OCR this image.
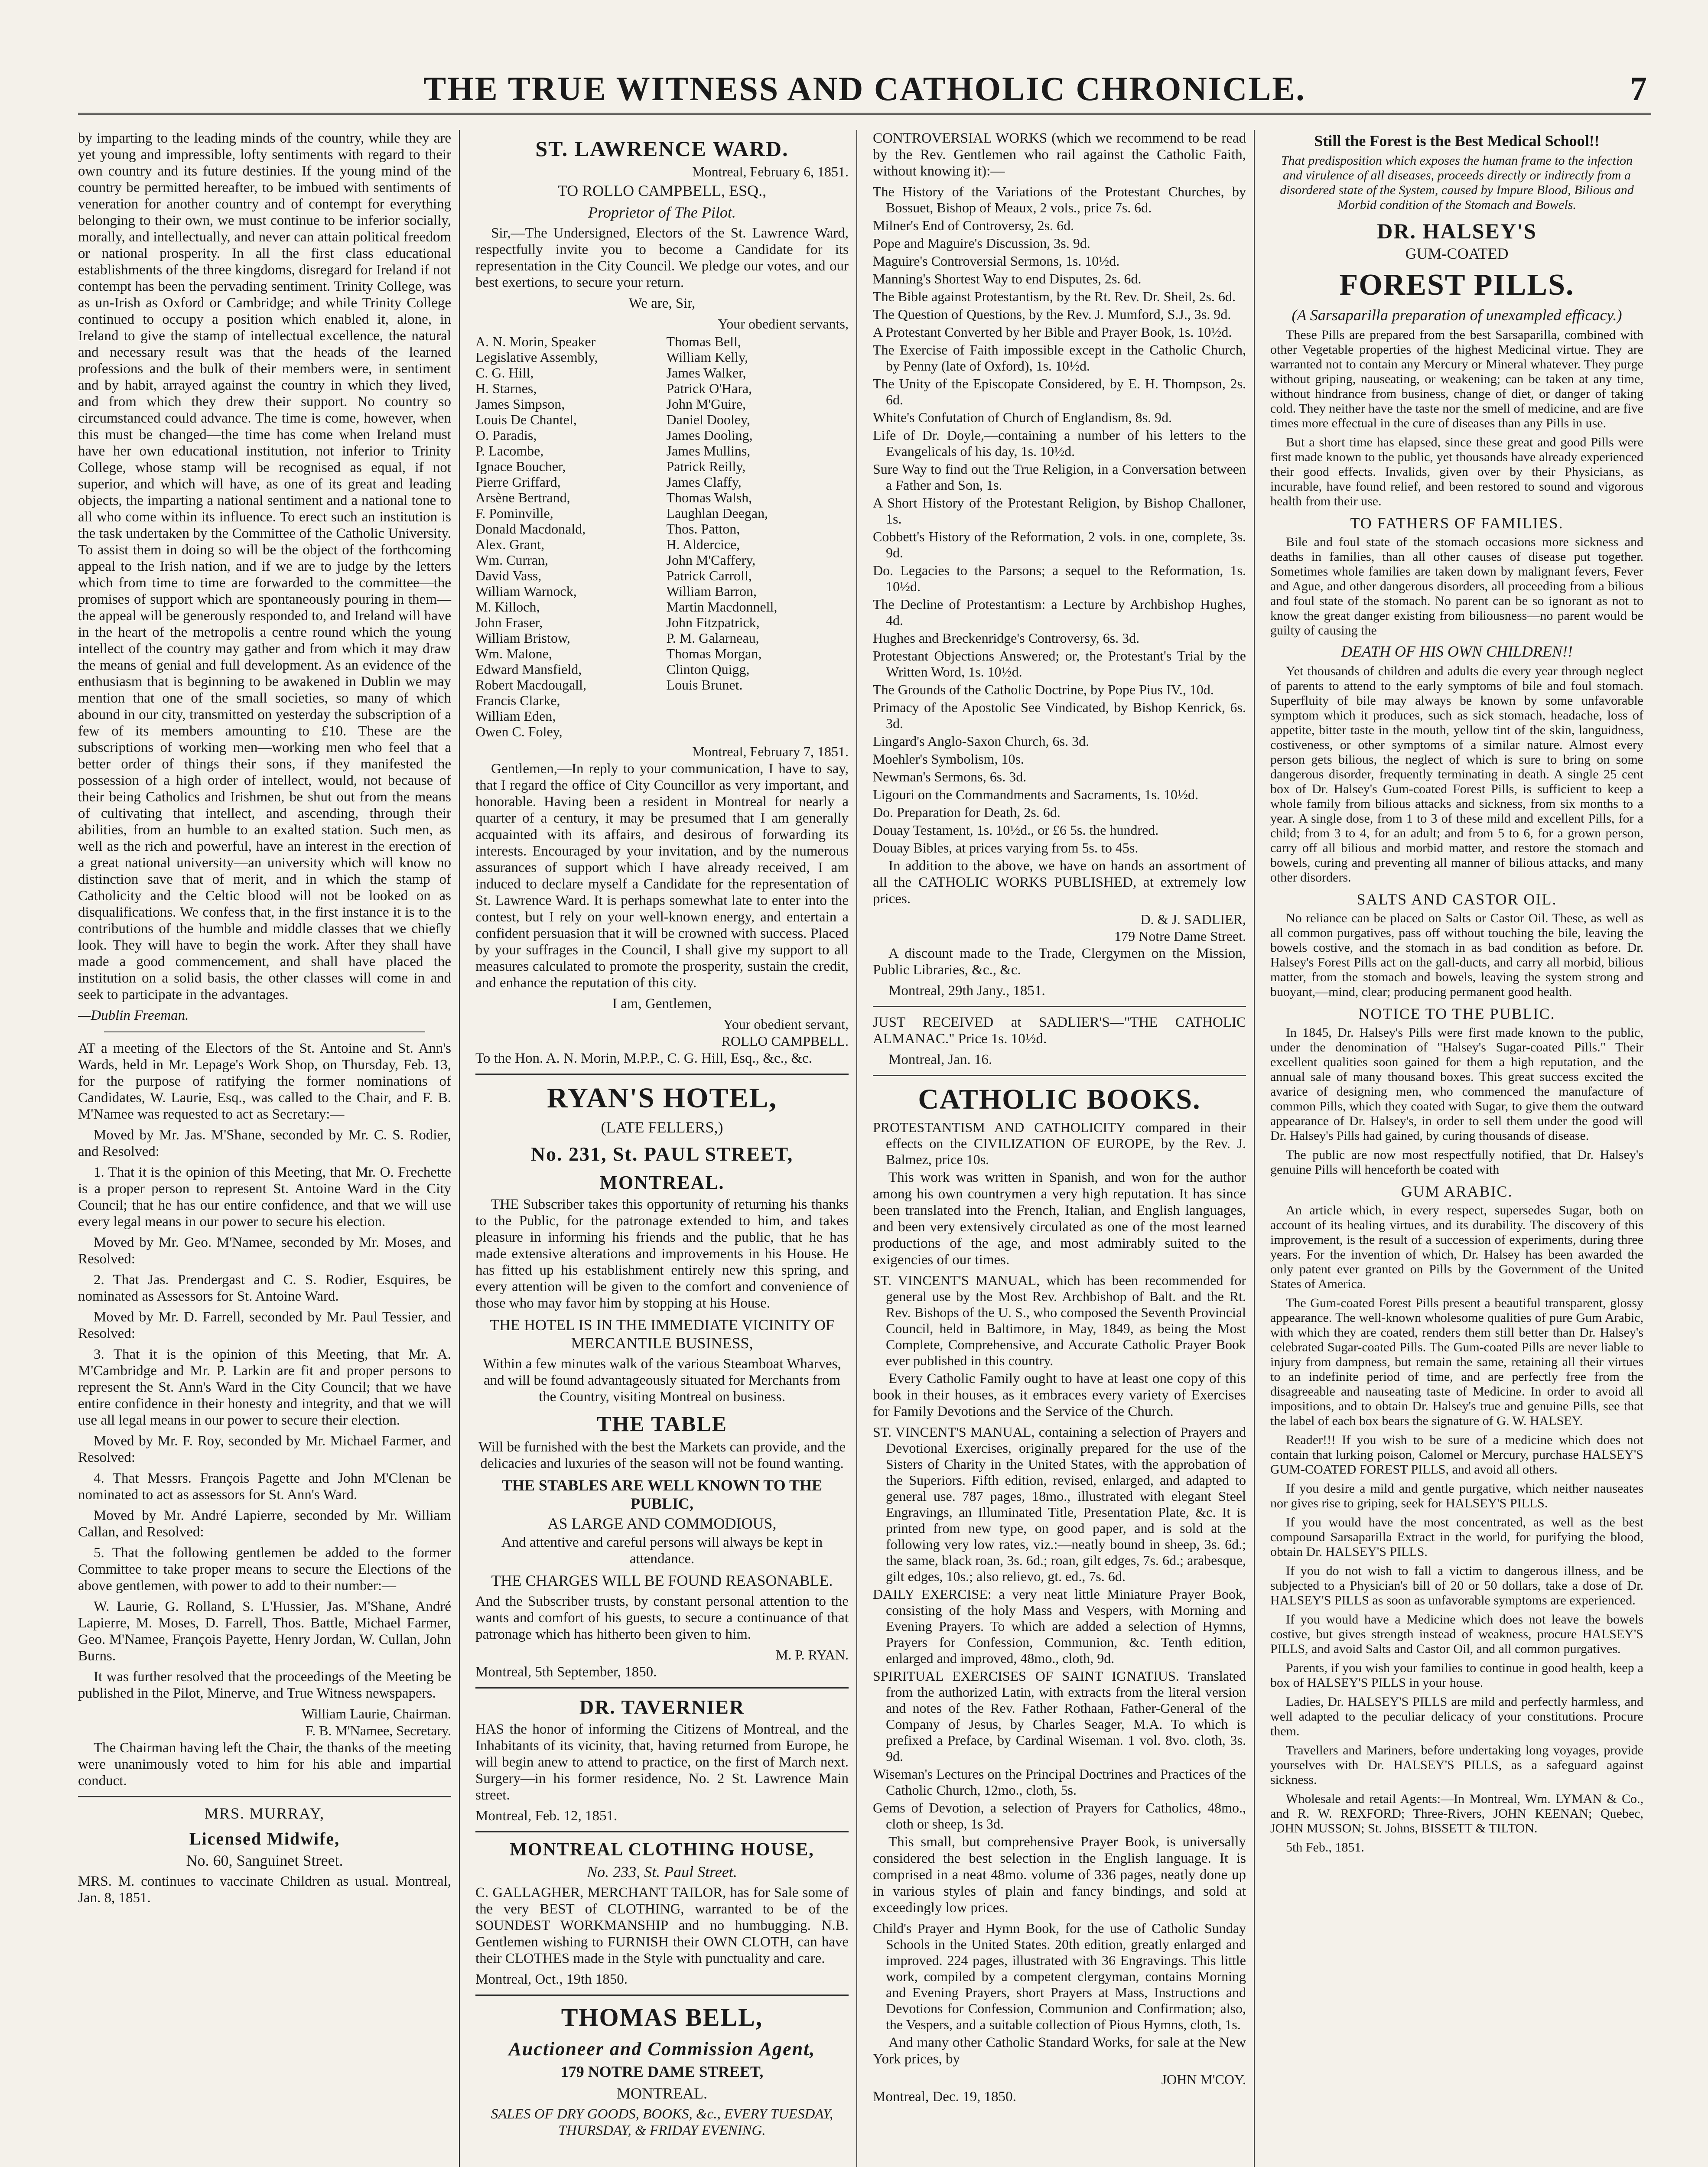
THE TRUE WITNESS AND CATHOLIC CHRONICLE.	7

by imparting to the leading minds of the country, while they are yet young and impressible, lofty sentiments with regard to their own country and its future destinies. If the young mind of the country be permitted hereafter, to be imbued with sentiments of veneration for another country and of contempt for everything belonging to their own, we must continue to be inferior socially, morally, and intellectually, and never can attain political freedom or national prosperity. In all the first class educational establishments of the three kingdoms, disregard for Ireland if not contempt has been the pervading sentiment. Trinity College, was as un-Irish as Oxford or Cambridge; and while Trinity College continued to occupy a position which enabled it, alone, in Ireland to give the stamp of intellectual excellence, the natural and necessary result was that the heads of the learned professions and the bulk of their members were, in sentiment and by habit, arrayed against the country in which they lived, and from which they drew their support. No country so circumstanced could advance. The time is come, however, when this must be changed—the time has come when Ireland must have her own educational institution, not inferior to Trinity College, whose stamp will be recognised as equal, if not superior, and which will have, as one of its great and leading objects, the imparting a national sentiment and a national tone to all who come within its influence. To erect such an institution is the task undertaken by the Committee of the Catholic University. To assist them in doing so will be the object of the forthcoming appeal to the Irish nation, and if we are to judge by the letters which from time to time are forwarded to the committee—the promises of support which are spontaneously pouring in them—the appeal will be generously responded to, and Ireland will have in the heart of the metropolis a centre round which the young intellect of the country may gather and from which it may draw the means of genial and full development. As an evidence of the enthusiasm that is beginning to be awakened in Dublin we may mention that one of the small societies, so many of which abound in our city, transmitted on yesterday the subscription of a few of its members amounting to £10. These are the subscriptions of working men—working men who feel that a better order of things their sons, if they manifested the possession of a high order of intellect, would, not because of their being Catholics and Irishmen, be shut out from the means of cultivating that intellect, and ascending, through their abilities, from an humble to an exalted station. Such men, as well as the rich and powerful, have an interest in the erection of a great national university—an university which will know no distinction save that of merit, and in which the stamp of Catholicity and the Celtic blood will not be looked on as disqualifications. We confess that, in the first instance it is to the contributions of the humble and middle classes that we chiefly look. They will have to begin the work. After they shall have made a good commencement, and shall have placed the institution on a solid basis, the other classes will come in and seek to participate in the advantages.

—Dublin Freeman.

AT a meeting of the Electors of the St. Antoine and St. Ann's Wards, held in Mr. Lepage's Work Shop, on Thursday, Feb. 13, for the purpose of ratifying the former nominations of Candidates, W. Laurie, Esq., was called to the Chair, and F. B. M'Namee was requested to act as Secretary:—

Moved by Mr. Jas. M'Shane, seconded by Mr. C. S. Rodier, and Resolved:

1. That it is the opinion of this Meeting, that Mr. O. Frechette is a proper person to represent St. Antoine Ward in the City Council; that he has our entire confidence, and that we will use every legal means in our power to secure his election.

Moved by Mr. Geo. M'Namee, seconded by Mr. Moses, and Resolved:

2. That Jas. Prendergast and C. S. Rodier, Esquires, be nominated as Assessors for St. Antoine Ward.

Moved by Mr. D. Farrell, seconded by Mr. Paul Tessier, and Resolved:

3. That it is the opinion of this Meeting, that Mr. A. M'Cambridge and Mr. P. Larkin are fit and proper persons to represent the St. Ann's Ward in the City Council; that we have entire confidence in their honesty and integrity, and that we will use all legal means in our power to secure their election.

Moved by Mr. F. Roy, seconded by Mr. Michael Farmer, and Resolved:

4. That Messrs. François Pagette and John M'Clenan be nominated to act as assessors for St. Ann's Ward.

Moved by Mr. André Lapierre, seconded by Mr. William Callan, and Resolved:

5. That the following gentlemen be added to the former Committee to take proper means to secure the Elections of the above gentlemen, with power to add to their number:—

W. Laurie, G. Rolland, S. L'Hussier, Jas. M'Shane, André Lapierre, M. Moses, D. Farrell, Thos. Battle, Michael Farmer, Geo. M'Namee, François Payette, Henry Jordan, W. Cullan, John Burns.

It was further resolved that the proceedings of the Meeting be published in the Pilot, Minerve, and True Witness newspapers.

William Laurie, Chairman.
F. B. M'Namee, Secretary.

The Chairman having left the Chair, the thanks of the meeting were unanimously voted to him for his able and impartial conduct.

MRS. MURRAY,
Licensed Midwife,
No. 60, Sanguinet Street.

MRS. M. continues to vaccinate Children as usual. Montreal, Jan. 8, 1851.

ST. LAWRENCE WARD.
Montreal, February 6, 1851.
TO ROLLO CAMPBELL, ESQ.,
Proprietor of The Pilot.

Sir,—The Undersigned, Electors of the St. Lawrence Ward, respectfully invite you to become a Candidate for its representation in the City Council. We pledge our votes, and our best exertions, to secure your return.

We are, Sir,
Your obedient servants,
A. N. Morin, Speaker Legislative Assembly,
C. G. Hill,
H. Starnes,
James Simpson,
Louis De Chantel,
O. Paradis,
P. Lacombe,
Ignace Boucher,
Pierre Griffard,
Arsène Bertrand,
F. Pominville,
Donald Macdonald,
Alex. Grant,
Wm. Curran,
David Vass,
William Warnock,
M. Killoch,
John Fraser,
William Bristow,
Wm. Malone,
Edward Mansfield,
Robert Macdougall,
Francis Clarke,
William Eden,
Owen C. Foley,
Thomas Bell,
William Kelly,
James Walker,
Patrick O'Hara,
John M'Guire,
Daniel Dooley,
James Dooling,
James Mullins,
Patrick Reilly,
James Claffy,
Thomas Walsh,
Laughlan Deegan,
Thos. Patton,
H. Aldercice,
John M'Caffery,
Patrick Carroll,
William Barron,
Martin Macdonnell,
John Fitzpatrick,
P. M. Galarneau,
Thomas Morgan,
Clinton Quigg,
Louis Brunet.
Montreal, February 7, 1851.

Gentlemen,—In reply to your communication, I have to say, that I regard the office of City Councillor as very important, and honorable. Having been a resident in Montreal for nearly a quarter of a century, it may be presumed that I am generally acquainted with its affairs, and desirous of forwarding its interests. Encouraged by your invitation, and by the numerous assurances of support which I have already received, I am induced to declare myself a Candidate for the representation of St. Lawrence Ward. It is perhaps somewhat late to enter into the contest, but I rely on your well-known energy, and entertain a confident persuasion that it will be crowned with success. Placed by your suffrages in the Council, I shall give my support to all measures calculated to promote the prosperity, sustain the credit, and enhance the reputation of this city.

I am, Gentlemen,
Your obedient servant,
ROLLO CAMPBELL.

To the Hon. A. N. Morin, M.P.P., C. G. Hill, Esq., &c., &c.

RYAN'S HOTEL,
(LATE FELLERS,)
No. 231, St. PAUL STREET,
MONTREAL.

THE Subscriber takes this opportunity of returning his thanks to the Public, for the patronage extended to him, and takes pleasure in informing his friends and the public, that he has made extensive alterations and improvements in his House. He has fitted up his establishment entirely new this spring, and every attention will be given to the comfort and convenience of those who may favor him by stopping at his House.

THE HOTEL IS IN THE IMMEDIATE VICINITY OF MERCANTILE BUSINESS,

Within a few minutes walk of the various Steamboat Wharves, and will be found advantageously situated for Merchants from the Country, visiting Montreal on business.

THE TABLE

Will be furnished with the best the Markets can provide, and the delicacies and luxuries of the season will not be found wanting.

THE STABLES ARE WELL KNOWN TO THE PUBLIC,
AS LARGE AND COMMODIOUS,

And attentive and careful persons will always be kept in attendance.

THE CHARGES WILL BE FOUND REASONABLE.

And the Subscriber trusts, by constant personal attention to the wants and comfort of his guests, to secure a continuance of that patronage which has hitherto been given to him.

M. P. RYAN.

Montreal, 5th September, 1850.

DR. TAVERNIER

HAS the honor of informing the Citizens of Montreal, and the Inhabitants of its vicinity, that, having returned from Europe, he will begin anew to attend to practice, on the first of March next. Surgery—in his former residence, No. 2 St. Lawrence Main street.

Montreal, Feb. 12, 1851.

MONTREAL CLOTHING HOUSE,
No. 233, St. Paul Street.

C. GALLAGHER, MERCHANT TAILOR, has for Sale some of the very BEST of CLOTHING, warranted to be of the SOUNDEST WORKMANSHIP and no humbugging. N.B. Gentlemen wishing to FURNISH their OWN CLOTH, can have their CLOTHES made in the Style with punctuality and care.

Montreal, Oct., 19th 1850.

THOMAS BELL,
Auctioneer and Commission Agent,
179 NOTRE DAME STREET,
MONTREAL.

SALES OF DRY GOODS, BOOKS, &c., EVERY TUESDAY, THURSDAY, & FRIDAY EVENING.

CONTROVERSIAL WORKS (which we recommend to be read by the Rev. Gentlemen who rail against the Catholic Faith, without knowing it):—

The History of the Variations of the Protestant Churches, by Bossuet, Bishop of Meaux, 2 vols., price 7s. 6d.

Milner's End of Controversy, 2s. 6d.

Pope and Maguire's Discussion, 3s. 9d.

Maguire's Controversial Sermons, 1s. 10½d.

Manning's Shortest Way to end Disputes, 2s. 6d.

The Bible against Protestantism, by the Rt. Rev. Dr. Sheil, 2s. 6d.

The Question of Questions, by the Rev. J. Mumford, S.J., 3s. 9d.

A Protestant Converted by her Bible and Prayer Book, 1s. 10½d.

The Exercise of Faith impossible except in the Catholic Church, by Penny (late of Oxford), 1s. 10½d.

The Unity of the Episcopate Considered, by E. H. Thompson, 2s. 6d.

White's Confutation of Church of Englandism, 8s. 9d.

Life of Dr. Doyle,—containing a number of his letters to the Evangelicals of his day, 1s. 10½d.

Sure Way to find out the True Religion, in a Conversation between a Father and Son, 1s.

A Short History of the Protestant Religion, by Bishop Challoner, 1s.

Cobbett's History of the Reformation, 2 vols. in one, complete, 3s. 9d.

Do. Legacies to the Parsons; a sequel to the Reformation, 1s. 10½d.

The Decline of Protestantism: a Lecture by Archbishop Hughes, 4d.

Hughes and Breckenridge's Controversy, 6s. 3d.

Protestant Objections Answered; or, the Protestant's Trial by the Written Word, 1s. 10½d.

The Grounds of the Catholic Doctrine, by Pope Pius IV., 10d.

Primacy of the Apostolic See Vindicated, by Bishop Kenrick, 6s. 3d.

Lingard's Anglo-Saxon Church, 6s. 3d.

Moehler's Symbolism, 10s.

Newman's Sermons, 6s. 3d.

Ligouri on the Commandments and Sacraments, 1s. 10½d.

Do. Preparation for Death, 2s. 6d.

Douay Testament, 1s. 10½d., or £6 5s. the hundred.

Douay Bibles, at prices varying from 5s. to 45s.

In addition to the above, we have on hands an assortment of all the CATHOLIC WORKS PUBLISHED, at extremely low prices.

D. & J. SADLIER,
179 Notre Dame Street.

A discount made to the Trade, Clergymen on the Mission, Public Libraries, &c., &c.

Montreal, 29th Jany., 1851.

JUST RECEIVED at SADLIER'S—"THE CATHOLIC ALMANAC." Price 1s. 10½d.

Montreal, Jan. 16.

CATHOLIC BOOKS.

PROTESTANTISM AND CATHOLICITY compared in their effects on the CIVILIZATION OF EUROPE, by the Rev. J. Balmez, price 10s.

This work was written in Spanish, and won for the author among his own countrymen a very high reputation. It has since been translated into the French, Italian, and English languages, and been very extensively circulated as one of the most learned productions of the age, and most admirably suited to the exigencies of our times.

ST. VINCENT'S MANUAL, which has been recommended for general use by the Most Rev. Archbishop of Balt. and the Rt. Rev. Bishops of the U. S., who composed the Seventh Provincial Council, held in Baltimore, in May, 1849, as being the Most Complete, Comprehensive, and Accurate Catholic Prayer Book ever published in this country.

Every Catholic Family ought to have at least one copy of this book in their houses, as it embraces every variety of Exercises for Family Devotions and the Service of the Church.

ST. VINCENT'S MANUAL, containing a selection of Prayers and Devotional Exercises, originally prepared for the use of the Sisters of Charity in the United States, with the approbation of the Superiors. Fifth edition, revised, enlarged, and adapted to general use. 787 pages, 18mo., illustrated with elegant Steel Engravings, an Illuminated Title, Presentation Plate, &c. It is printed from new type, on good paper, and is sold at the following very low rates, viz.:—neatly bound in sheep, 3s. 6d.; the same, black roan, 3s. 6d.; roan, gilt edges, 7s. 6d.; arabesque, gilt edges, 10s.; also relievo, gt. ed., 7s. 6d.

DAILY EXERCISE: a very neat little Miniature Prayer Book, consisting of the holy Mass and Vespers, with Morning and Evening Prayers. To which are added a selection of Hymns, Prayers for Confession, Communion, &c. Tenth edition, enlarged and improved, 48mo., cloth, 9d.

SPIRITUAL EXERCISES OF SAINT IGNATIUS. Translated from the authorized Latin, with extracts from the literal version and notes of the Rev. Father Rothaan, Father-General of the Company of Jesus, by Charles Seager, M.A. To which is prefixed a Preface, by Cardinal Wiseman. 1 vol. 8vo. cloth, 3s. 9d.

Wiseman's Lectures on the Principal Doctrines and Practices of the Catholic Church, 12mo., cloth, 5s.

Gems of Devotion, a selection of Prayers for Catholics, 48mo., cloth or sheep, 1s 3d.

This small, but comprehensive Prayer Book, is universally considered the best selection in the English language. It is comprised in a neat 48mo. volume of 336 pages, neatly done up in various styles of plain and fancy bindings, and sold at exceedingly low prices.

Child's Prayer and Hymn Book, for the use of Catholic Sunday Schools in the United States. 20th edition, greatly enlarged and improved. 224 pages, illustrated with 36 Engravings. This little work, compiled by a competent clergyman, contains Morning and Evening Prayers, short Prayers at Mass, Instructions and Devotions for Confession, Communion and Confirmation; also, the Vespers, and a suitable collection of Pious Hymns, cloth, 1s.

And many other Catholic Standard Works, for sale at the New York prices, by

JOHN M'COY.

Montreal, Dec. 19, 1850.

Still the Forest is the Best Medical School!!

That predisposition which exposes the human frame to the infection and virulence of all diseases, proceeds directly or indirectly from a disordered state of the System, caused by Impure Blood, Bilious and Morbid condition of the Stomach and Bowels.

DR. HALSEY'S
GUM-COATED
FOREST PILLS.
(A Sarsaparilla preparation of unexampled efficacy.)

These Pills are prepared from the best Sarsaparilla, combined with other Vegetable properties of the highest Medicinal virtue. They are warranted not to contain any Mercury or Mineral whatever. They purge without griping, nauseating, or weakening; can be taken at any time, without hindrance from business, change of diet, or danger of taking cold. They neither have the taste nor the smell of medicine, and are five times more effectual in the cure of diseases than any Pills in use.

But a short time has elapsed, since these great and good Pills were first made known to the public, yet thousands have already experienced their good effects. Invalids, given over by their Physicians, as incurable, have found relief, and been restored to sound and vigorous health from their use.

TO FATHERS OF FAMILIES.

Bile and foul state of the stomach occasions more sickness and deaths in families, than all other causes of disease put together. Sometimes whole families are taken down by malignant fevers, Fever and Ague, and other dangerous disorders, all proceeding from a bilious and foul state of the stomach. No parent can be so ignorant as not to know the great danger existing from biliousness—no parent would be guilty of causing the

DEATH OF HIS OWN CHILDREN!!

Yet thousands of children and adults die every year through neglect of parents to attend to the early symptoms of bile and foul stomach. Superfluity of bile may always be known by some unfavorable symptom which it produces, such as sick stomach, headache, loss of appetite, bitter taste in the mouth, yellow tint of the skin, languidness, costiveness, or other symptoms of a similar nature. Almost every person gets bilious, the neglect of which is sure to bring on some dangerous disorder, frequently terminating in death. A single 25 cent box of Dr. Halsey's Gum-coated Forest Pills, is sufficient to keep a whole family from bilious attacks and sickness, from six months to a year. A single dose, from 1 to 3 of these mild and excellent Pills, for a child; from 3 to 4, for an adult; and from 5 to 6, for a grown person, carry off all bilious and morbid matter, and restore the stomach and bowels, curing and preventing all manner of bilious attacks, and many other disorders.

SALTS AND CASTOR OIL.

No reliance can be placed on Salts or Castor Oil. These, as well as all common purgatives, pass off without touching the bile, leaving the bowels costive, and the stomach in as bad condition as before. Dr. Halsey's Forest Pills act on the gall-ducts, and carry all morbid, bilious matter, from the stomach and bowels, leaving the system strong and buoyant,—mind, clear; producing permanent good health.

NOTICE TO THE PUBLIC.

In 1845, Dr. Halsey's Pills were first made known to the public, under the denomination of "Halsey's Sugar-coated Pills." Their excellent qualities soon gained for them a high reputation, and the annual sale of many thousand boxes. This great success excited the avarice of designing men, who commenced the manufacture of common Pills, which they coated with Sugar, to give them the outward appearance of Dr. Halsey's, in order to sell them under the good will Dr. Halsey's Pills had gained, by curing thousands of disease.

The public are now most respectfully notified, that Dr. Halsey's genuine Pills will henceforth be coated with

GUM ARABIC.

An article which, in every respect, supersedes Sugar, both on account of its healing virtues, and its durability. The discovery of this improvement, is the result of a succession of experiments, during three years. For the invention of which, Dr. Halsey has been awarded the only patent ever granted on Pills by the Government of the United States of America.

The Gum-coated Forest Pills present a beautiful transparent, glossy appearance. The well-known wholesome qualities of pure Gum Arabic, with which they are coated, renders them still better than Dr. Halsey's celebrated Sugar-coated Pills. The Gum-coated Pills are never liable to injury from dampness, but remain the same, retaining all their virtues to an indefinite period of time, and are perfectly free from the disagreeable and nauseating taste of Medicine. In order to avoid all impositions, and to obtain Dr. Halsey's true and genuine Pills, see that the label of each box bears the signature of G. W. HALSEY.

Reader!!! If you wish to be sure of a medicine which does not contain that lurking poison, Calomel or Mercury, purchase HALSEY'S GUM-COATED FOREST PILLS, and avoid all others.

If you desire a mild and gentle purgative, which neither nauseates nor gives rise to griping, seek for HALSEY'S PILLS.

If you would have the most concentrated, as well as the best compound Sarsaparilla Extract in the world, for purifying the blood, obtain Dr. HALSEY'S PILLS.

If you do not wish to fall a victim to dangerous illness, and be subjected to a Physician's bill of 20 or 50 dollars, take a dose of Dr. HALSEY'S PILLS as soon as unfavorable symptoms are experienced.

If you would have a Medicine which does not leave the bowels costive, but gives strength instead of weakness, procure HALSEY'S PILLS, and avoid Salts and Castor Oil, and all common purgatives.

Parents, if you wish your families to continue in good health, keep a box of HALSEY'S PILLS in your house.

Ladies, Dr. HALSEY'S PILLS are mild and perfectly harmless, and well adapted to the peculiar delicacy of your constitutions. Procure them.

Travellers and Mariners, before undertaking long voyages, provide yourselves with Dr. HALSEY'S PILLS, as a safeguard against sickness.

Wholesale and retail Agents:—In Montreal, Wm. LYMAN & Co., and R. W. REXFORD; Three-Rivers, JOHN KEENAN; Quebec, JOHN MUSSON; St. Johns, BISSETT & TILTON.

5th Feb., 1851.
